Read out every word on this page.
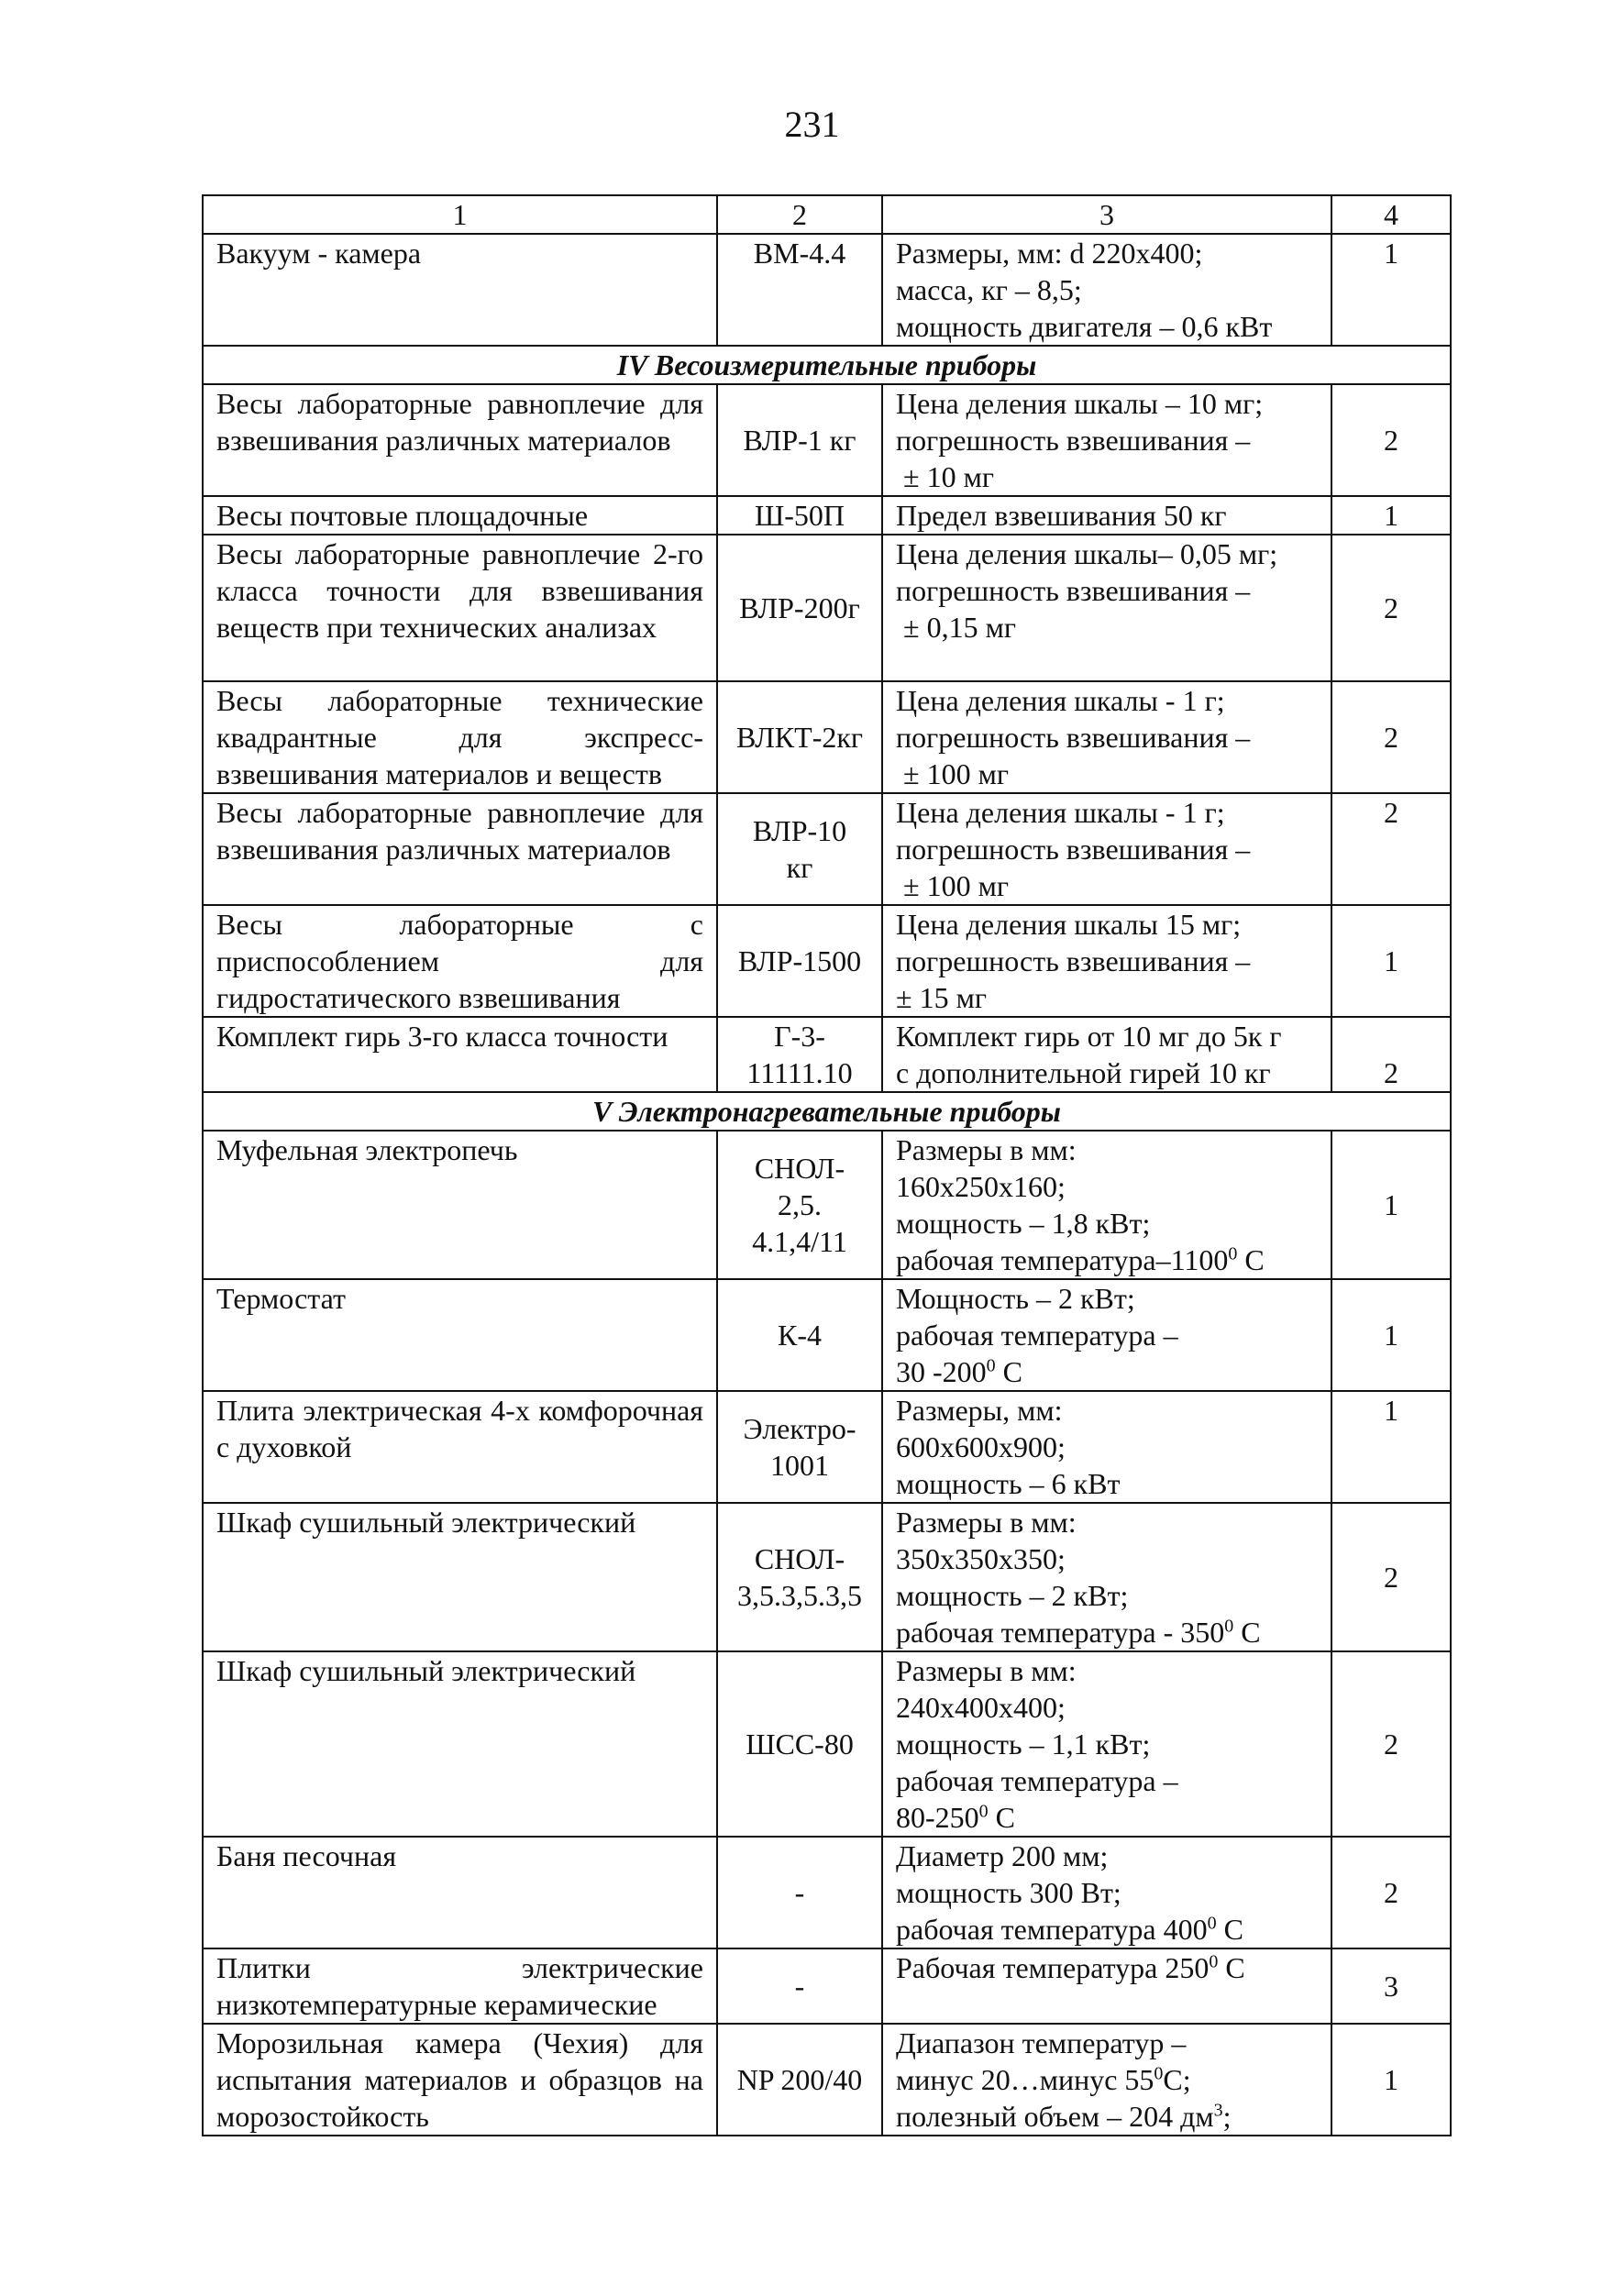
231
1	2	3	4
Вакуум - камера	ВМ-4.4	Размеры, мм: d 220х400;
масса, кг – 8,5;
мощность двигателя – 0,6 кВт	1
IV Весоизмерительные приборы			
Весы лабораторные равноплечие для взвешивания различных материалов	ВЛР-1 кг	Цена деления шкалы – 10 мг;
погрешность взвешивания –
± 10 мг	2
Весы почтовые площадочные	Ш-50П	Предел взвешивания 50 кг	1
Весы лабораторные равноплечие 2-го класса точности для взвешивания веществ при технических анализах	ВЛР-200г	Цена деления шкалы– 0,05 мг;
погрешность взвешивания –
± 0,15 мг	2
Весы лабораторные технические квадрантные для экспресс-взвешивания материалов и веществ	ВЛКТ-2кг	Цена деления шкалы - 1 г;
погрешность взвешивания –
± 100 мг	2
Весы лабораторные равноплечие для взвешивания различных материалов	ВЛР-10
кг	Цена деления шкалы - 1 г;
погрешность взвешивания –
± 100 мг	2
Весы лабораторные с приспособлением для гидростатического взвешивания	ВЛР-1500	Цена деления шкалы 15 мг;
погрешность взвешивания –
± 15 мг	1
Комплект гирь 3-го класса точности	Г-3-
11111.10	Комплект гирь от 10 мг до 5к г
с дополнительной гирей 10 кг	2
V Электронагревательные приборы			
Муфельная электропечь	СНОЛ-
2,5.
4.1,4/11	Размеры в мм:
160х250х160;
мощность – 1,8 кВт;
рабочая температура–1100$^0$ С	1
Термостат	К-4	Мощность – 2 кВт;
рабочая температура –
30 $-200^0$ С	1
Плита электрическая 4-х комфорочная с духовкой	Электро-
1001	Размеры, мм:
600х600х900;
мощность – 6 кВт	1
Шкаф сушильный электрический	СНОЛ-
3,5.3,5.3,5	Размеры в мм:
350х350х350;
мощность – 2 кВт;
рабочая температура - $350^0$ С	2
Шкаф сушильный электрический	ШСС-80	Размеры в мм:
240х400х400;
мощность – 1,1 кВт;
рабочая температура –
$80-250^0$ С	2
Баня песочная	-	Диаметр 200 мм;
мощность 300 Вт;
рабочая температура $400^0$ С	2
Плитки электрические низкотемпературные керамические	-	Рабочая температура $250^0$ С	3
Морозильная камера (Чехия) для испытания материалов и образцов на морозостойкость	NP 200/40	Диапазон температур –
минус 20…минус $55^0С$;
полезный объем – 204 $дм^3$;	1
